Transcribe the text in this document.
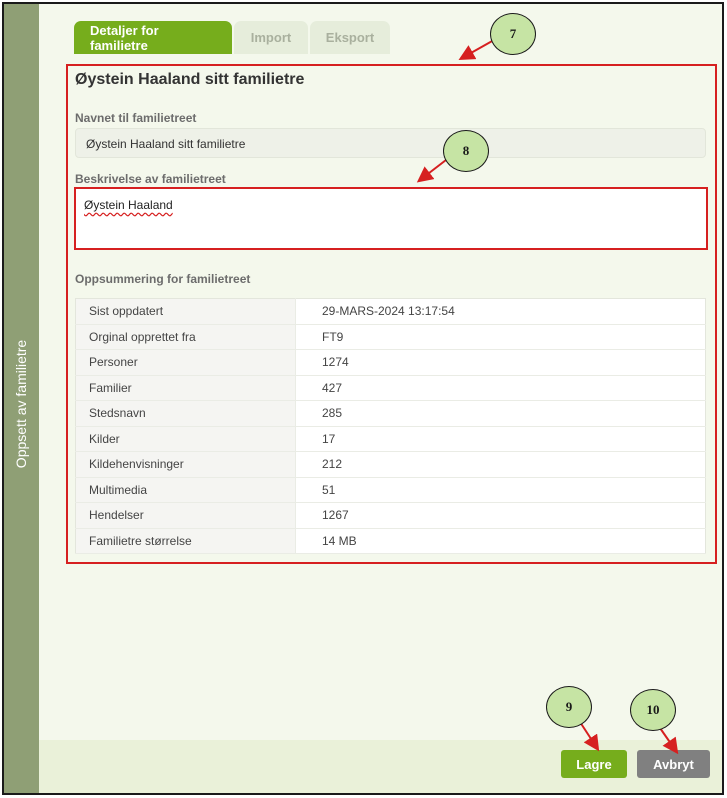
Oppsett av familietre
Detaljer for familietre	Import	Eksport
Øystein Haaland sitt familietre
Navnet til familietreet
Øystein Haaland sitt familietre
Beskrivelse av familietreet
Øystein Haaland
Oppsummering for familietreet
Sist oppdatert	29-MARS-2024 13:17:54
Orginal opprettet fra	FT9
Personer	1274
Familier	427
Stedsnavn	285
Kilder	17
Kildehenvisninger	212
Multimedia	51
Hendelser	1267
Familietre størrelse	14 MB
Lagre	Avbryt
7
8
9	10
